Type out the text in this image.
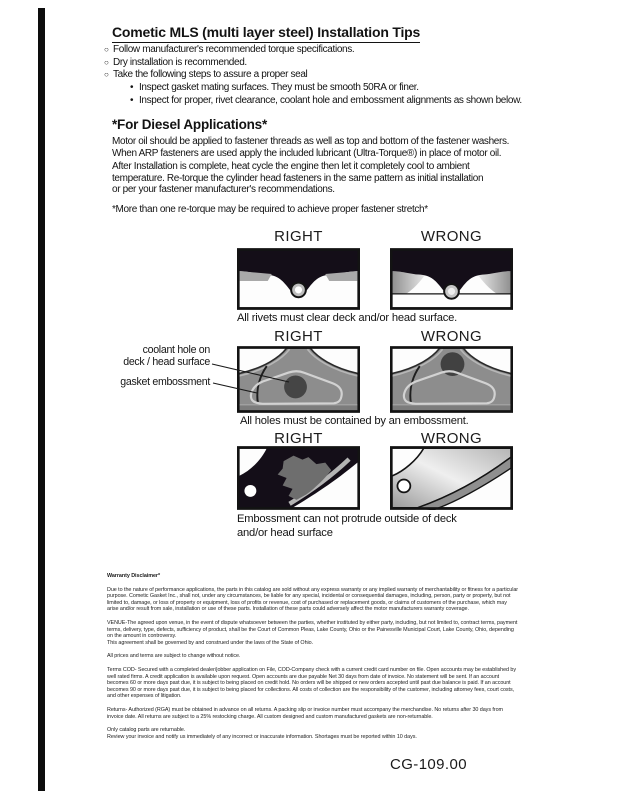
Cometic MLS (multi layer steel) Installation Tips
○ Follow manufacturer's recommended torque specifications.
○ Dry installation is recommended.
○ Take the following steps to assure a proper seal
• Inspect gasket mating surfaces. They must be smooth 50RA or finer.
• Inspect for proper, rivet clearance, coolant hole and embossment alignments as shown below.
*For Diesel Applications*
Motor oil should be applied to fastener threads as well as top and bottom of the fastener washers.
When ARP fasteners are used apply the included lubricant (Ultra-Torque®) in place of motor oil.
After Installation is complete, heat cycle the engine then let it completely cool to ambient
temperature. Re-torque the cylinder head fasteners in the same pattern as initial installation
or per your fastener manufacturer's recommendations.
*More than one re-torque may be required to achieve proper fastener stretch*
RIGHT	WRONG
All rivets must clear deck and/or head surface.
RIGHT	WRONG
coolant hole on
deck / head surface
gasket embossment
All holes must be contained by an embossment.
RIGHT	WRONG
Embossment can not protrude outside of deck
and/or head surface
Warranty Disclaimer*

Due to the nature of performance applications, the parts in this catalog are sold without any express warranty or any implied warranty of merchantability or fitness for a particular purpose. Cometic Gasket Inc., shall not, under any circumstances, be liable for any special, incidental or consequential damages, including, person, party or property, but not limited to, damage, or loss of property or equipment, loss of profits or revenue, cost of purchased or replacement goods, or claims of customers of the purchase, which may arise and/or result from sale, installation or use of these parts. Installation of these parts could adversely affect the motor manufacturers warranty coverage.

VENUE-The agreed upon venue, in the event of dispute whatsoever between the parties, whether instituted by either party, including, but not limited to, contract terms, payment terms, delivery, type, defects, sufficiency of product, shall be the Court of Common Pleas, Lake County, Ohio or the Painesville Municipal Court, Lake County, Ohio, depending on the amount in controversy.

This agreement shall be governed by and construed under the laws of the State of Ohio.

All prices and terms are subject to change without notice.

Terms COD- Secured with a completed dealer/jobber application on File, COD-Company check with a current credit card number on file. Open accounts may be established by well rated firms. A credit application is available upon request. Open accounts are due payable Net 30 days from date of invoice. No statement will be sent. If an account becomes 60 or more days past due, it is subject to being placed on credit hold. No orders will be shipped or new orders accepted until past due balance is paid. If an account becomes 90 or more days past due, it is subject to being placed for collections. All costs of collection are the responsibility of the customer, including attorney fees, court costs, and other expenses of litigation.

Returns- Authorized (RGA) must be obtained in advance on all returns. A packing slip or invoice number must accompany the merchandise. No returns after 30 days from invoice date. All returns are subject to a 25% restocking charge. All custom designed and custom manufactured gaskets are non-returnable.

Only catalog parts are returnable.

Review your invoice and notify us immediately of any incorrect or inaccurate information. Shortages must be reported within 10 days.

CG-109.00
